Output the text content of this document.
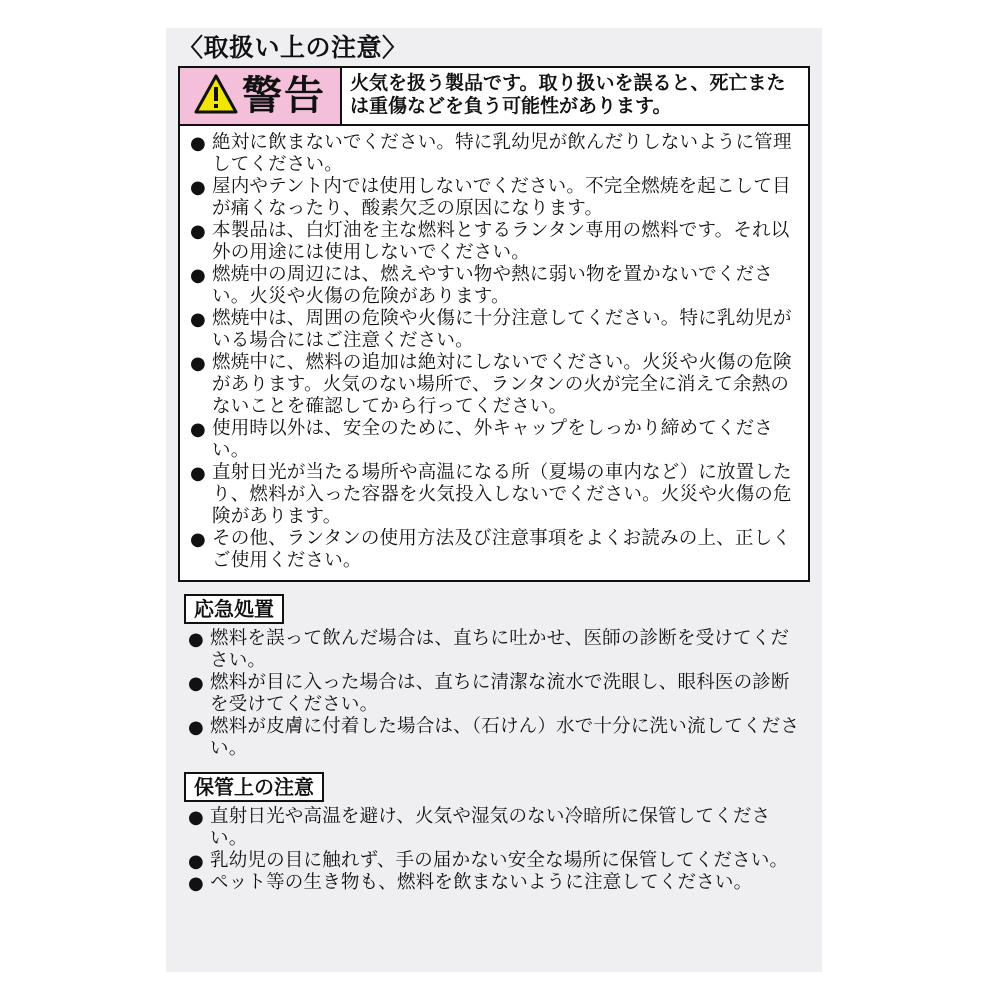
〈取扱い上の注意〉
警告	火気を扱う製品です。取り扱いを誤ると、死亡または重傷などを負う可能性があります。
● 絶対に飲まないでください。特に乳幼児が飲んだりしないように管理してください。
● 屋内やテント内では使用しないでください。不完全燃焼を起こして目が痛くなったり、酸素欠乏の原因になります。
● 本製品は、白灯油を主な燃料とするランタン専用の燃料です。それ以外の用途には使用しないでください。
● 燃焼中の周辺には、燃えやすい物や熱に弱い物を置かないでください。火災や火傷の危険があります。
● 燃焼中は、周囲の危険や火傷に十分注意してください。特に乳幼児がいる場合にはご注意ください。
● 燃焼中に、燃料の追加は絶対にしないでください。火災や火傷の危険があります。火気のない場所で、ランタンの火が完全に消えて余熱のないことを確認してから行ってください。
● 使用時以外は、安全のために、外キャップをしっかり締めてください。
● 直射日光が当たる場所や高温になる所（夏場の車内など）に放置したり、燃料が入った容器を火気投入しないでください。火災や火傷の危険があります。
● その他、ランタンの使用方法及び注意事項をよくお読みの上、正しくご使用ください。
応急処置
● 燃料を誤って飲んだ場合は、直ちに吐かせ、医師の診断を受けてください。
● 燃料が目に入った場合は、直ちに清潔な流水で洗眼し、眼科医の診断を受けてください。
● 燃料が皮膚に付着した場合は、（石けん）水で十分に洗い流してください。
保管上の注意
● 直射日光や高温を避け、火気や湿気のない冷暗所に保管してください。
● 乳幼児の目に触れず、手の届かない安全な場所に保管してください。
● ペット等の生き物も、燃料を飲まないように注意してください。
